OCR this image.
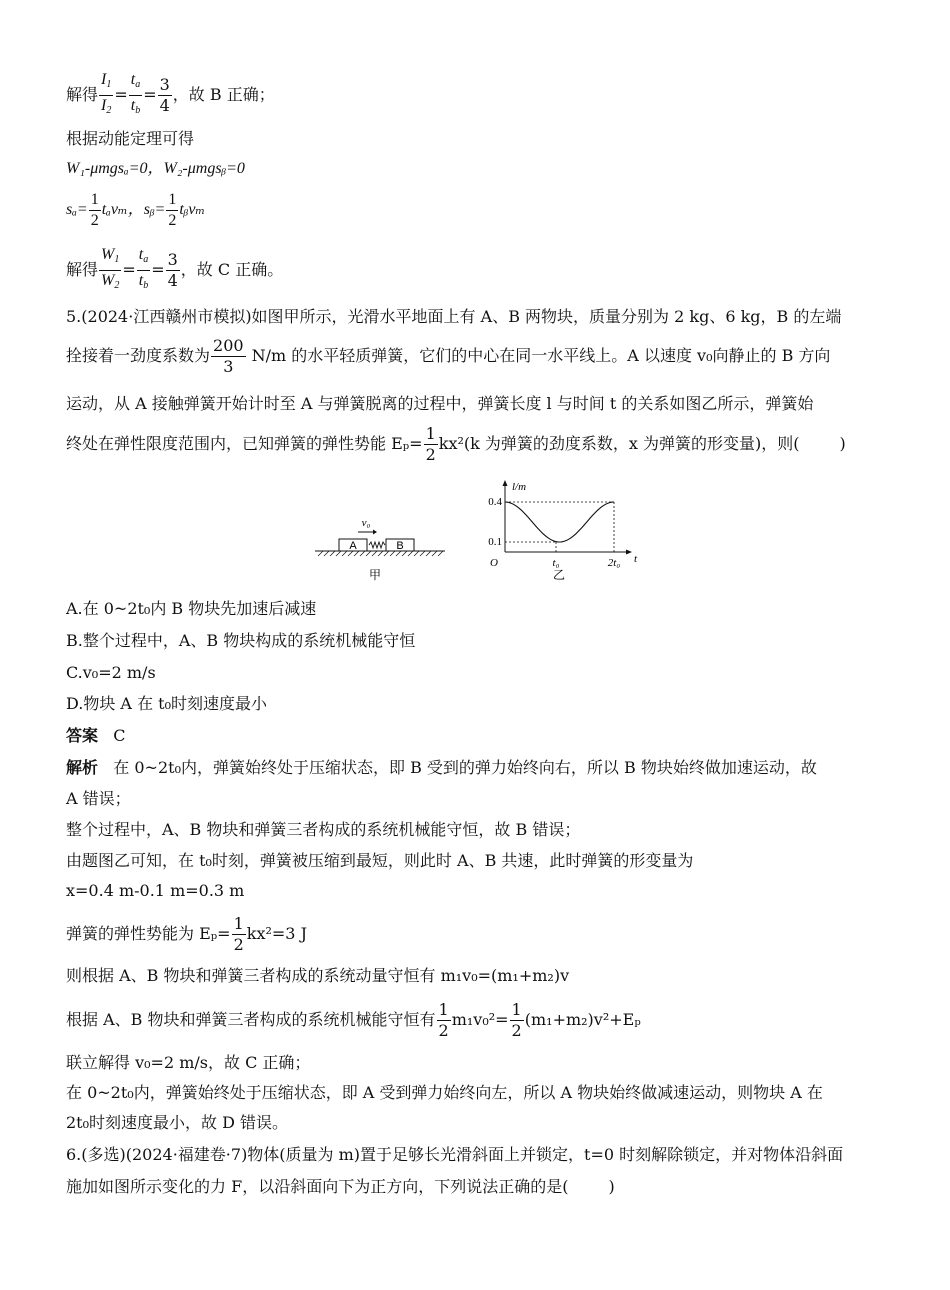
解得 $\frac{I_1}{I_2} = \frac{t_a}{t_b} = \frac{3}{4}$ ，故 B 正确；
根据动能定理可得
W₁-μmgsₐ=0，W₂-μmgsᵦ=0
$s_a= \frac{1}{2}$ tₐvₘ，sᵦ= $\frac{1}{2}$ tᵦvₘ
解得 $\frac{W_1}{W_2} = \frac{t_a}{t_b} = \frac{3}{4}$ ，故 C 正确。
5.(2024·江西赣州市模拟)如图甲所示，光滑水平地面上有 A、B 两物块，质量分别为 2 kg、6 kg，B 的左端
拴接着一劲度系数为 $\frac{200}{3} N/m$ 的水平轻质弹簧，它们的中心在同一水平线上。A 以速度 v₀向静止的 B 方向
运动，从 A 接触弹簧开始计时至 A 与弹簧脱离的过程中，弹簧长度 l 与时间 t 的关系如图乙所示，弹簧始
终处在弹性限度范围内，已知弹簧的弹性势能 $E_p= \frac{1}{2} kx^2(k$ 为弹簧的劲度系数，x 为弹簧的形变量)，则(	)
A.在 0~2t₀内 B 物块先加速后减速
B.整个过程中，A、B 物块构成的系统机械能守恒
C.v₀=2 m/s
D.物块 A 在 t₀时刻速度最小
答案 C
解析 在 0~2t₀内，弹簧始终处于压缩状态，即 B 受到的弹力始终向右，所以 B 物块始终做加速运动，故
A 错误；
整个过程中，A、B 物块和弹簧三者构成的系统机械能守恒，故 B 错误；
由题图乙可知，在 t₀时刻，弹簧被压缩到最短，则此时 A、B 共速，此时弹簧的形变量为
x=0.4 m-0.1 m=0.3 m
弹簧的弹性势能为 $E_p= \frac{1}{2} kx^2=3$ J
则根据 A、B 物块和弹簧三者构成的系统动量守恒有 m₁v₀=(m₁+m₂)v
根据 A、B 物块和弹簧三者构成的系统机械能守恒有 $\frac{1}{2} m_1v_0^2= \frac{1}{2} (m_1+m_2)v^2+E_p$
联立解得 v₀=2 m/s，故 C 正确；
在 0~2t₀内，弹簧始终处于压缩状态，即 A 受到弹力始终向左，所以 A 物块始终做减速运动，则物块 A 在
2t₀时刻速度最小，故 D 错误。
6.(多选)(2024·福建卷·7)物体(质量为 m)置于足够长光滑斜面上并锁定，t=0 时刻解除锁定，并对物体沿斜面
施加如图所示变化的力 F，以沿斜面向下为正方向，下列说法正确的是(	)
A	B
v₀
甲
l/m
t
O
0.4
0.1
t₀	2t₀
乙
